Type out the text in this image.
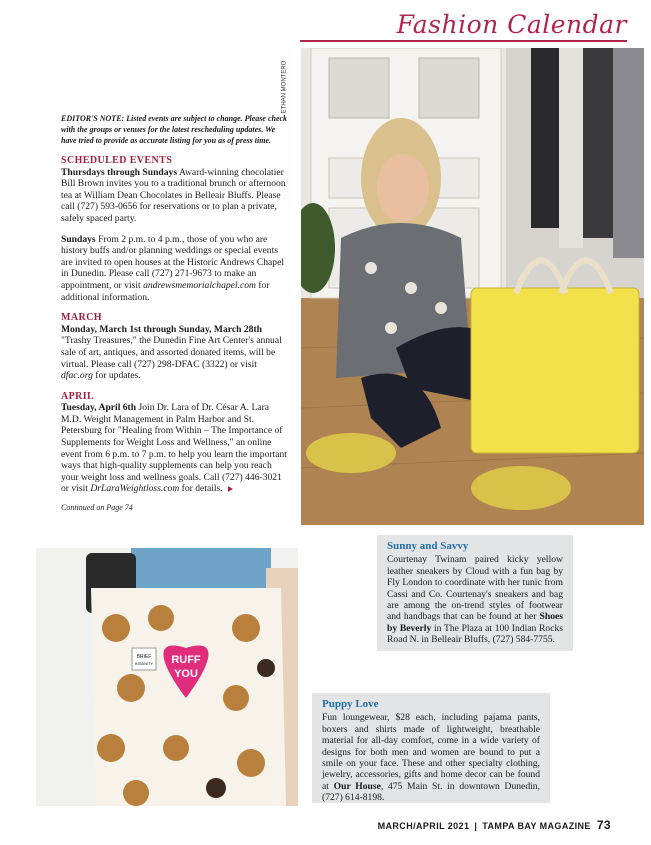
Fashion Calendar
ETHAN MONTERO
RUFF
YOU
BRIEF
INSANITY
EDITOR'S NOTE: Listed events are subject to change. Please check with the groups or venues for the latest rescheduling updates. We have tried to provide as accurate listing for you as of press time.
SCHEDULED EVENTS

Thursdays through Sundays Award-winning chocolatier Bill Brown invites you to a traditional brunch or afternoon tea at William Dean Chocolates in Belleair Bluffs. Please call (727) 593-0656 for reservations or to plan a private, safely spaced party.

Sundays From 2 p.m. to 4 p.m., those of you who are history buffs and/or planning weddings or special events are invited to open houses at the Historic Andrews Chapel in Dunedin. Please call (727) 271-9673 to make an appointment, or visit andrewsmemorialchapel.com for additional information.

MARCH

Monday, March 1st through Sunday, March 28th "Trashy Treasures," the Dunedin Fine Art Center's annual sale of art, antiques, and assorted donated items, will be virtual. Please call (727) 298-DFAC (3322) or visit dfac.org for updates.

APRIL

Tuesday, April 6th Join Dr. Lara of Dr. César A. Lara M.D. Weight Management in Palm Harbor and St. Petersburg for "Healing from Within – The Importance of Supplements for Weight Loss and Wellness," an online event from 6 p.m. to 7 p.m. to help you learn the important ways that high-quality supplements can help you reach your weight loss and wellness goals. Call (727) 446-3021 or visit DrLaraWeightloss.com for details.

Continued on Page 74
Sunny and Savvy
Courtenay Twinam paired kicky yellow leather sneakers by Cloud with a fun bag by Fly London to coordinate with her tunic from Cassi and Co. Courtenay's sneakers and bag are among the on-trend styles of footwear and handbags that can be found at her Shoes by Beverly in The Plaza at 100 Indian Rocks Road N. in Belleair Bluffs, (727) 584-7755.
Puppy Love
Fun loungewear, $28 each, including pajama pants, boxers and shirts made of lightweight, breathable material for all-day comfort, come in a wide variety of designs for both men and women are bound to put a smile on your face. These and other specialty clothing, jewelry, accessories, gifts and home decor can be found at Our House, 475 Main St. in downtown Dunedin, (727) 614-8198.
MARCH/APRIL 2021 | TAMPA BAY MAGAZINE 73
